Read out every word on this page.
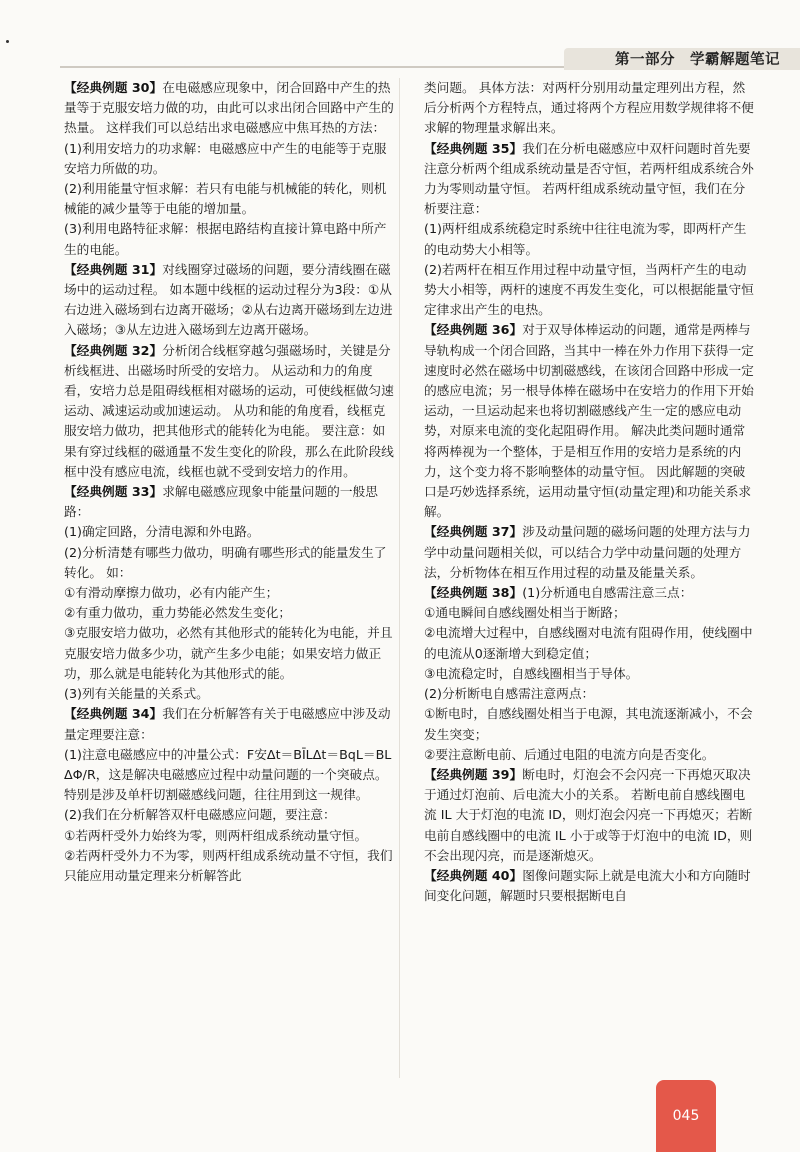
第一部分　学霸解题笔记

【经典例题 30】在电磁感应现象中，闭合回路中产生的热量等于克服安培力做的功，由此可以求出闭合回路中产生的热量。 这样我们可以总结出求电磁感应中焦耳热的方法：

(1)利用安培力的功求解：电磁感应中产生的电能等于克服安培力所做的功。

(2)利用能量守恒求解：若只有电能与机械能的转化，则机械能的减少量等于电能的增加量。

(3)利用电路特征求解：根据电路结构直接计算电路中所产生的电能。

【经典例题 31】对线圈穿过磁场的问题，要分清线圈在磁场中的运动过程。 如本题中线框的运动过程分为3段：①从右边进入磁场到右边离开磁场；②从右边离开磁场到左边进入磁场；③从左边进入磁场到左边离开磁场。

【经典例题 32】分析闭合线框穿越匀强磁场时，关键是分析线框进、出磁场时所受的安培力。 从运动和力的角度看，安培力总是阻碍线框相对磁场的运动，可使线框做匀速运动、减速运动或加速运动。 从功和能的角度看，线框克服安培力做功，把其他形式的能转化为电能。 要注意：如果有穿过线框的磁通量不发生变化的阶段，那么在此阶段线框中没有感应电流，线框也就不受到安培力的作用。

【经典例题 33】求解电磁感应现象中能量问题的一般思路：

(1)确定回路，分清电源和外电路。

(2)分析清楚有哪些力做功，明确有哪些形式的能量发生了转化。 如：

①有滑动摩擦力做功，必有内能产生；

②有重力做功，重力势能必然发生变化；

③克服安培力做功，必然有其他形式的能转化为电能，并且克服安培力做多少功，就产生多少电能；如果安培力做正功，那么就是电能转化为其他形式的能。

(3)列有关能量的关系式。

【经典例题 34】我们在分析解答有关于电磁感应中涉及动量定理要注意：

(1)注意电磁感应中的冲量公式：F安Δt＝BĪLΔt＝BqL＝BL ΔΦ/R，这是解决电磁感应过程中动量问题的一个突破点。 特别是涉及单杆切割磁感线问题，往往用到这一规律。

(2)我们在分析解答双杆电磁感应问题，要注意：

①若两杆受外力始终为零，则两杆组成系统动量守恒。

②若两杆受外力不为零，则两杆组成系统动量不守恒，我们只能应用动量定理来分析解答此

类问题。 具体方法：对两杆分别用动量定理列出方程，然后分析两个方程特点，通过将两个方程应用数学规律将不便求解的物理量求解出来。

【经典例题 35】我们在分析电磁感应中双杆问题时首先要注意分析两个组成系统动量是否守恒，若两杆组成系统合外力为零则动量守恒。 若两杆组成系统动量守恒，我们在分析要注意：

(1)两杆组成系统稳定时系统中往往电流为零，即两杆产生的电动势大小相等。

(2)若两杆在相互作用过程中动量守恒，当两杆产生的电动势大小相等，两杆的速度不再发生变化，可以根据能量守恒定律求出产生的电热。

【经典例题 36】对于双导体棒运动的问题，通常是两棒与导轨构成一个闭合回路，当其中一棒在外力作用下获得一定速度时必然在磁场中切割磁感线，在该闭合回路中形成一定的感应电流；另一根导体棒在磁场中在安培力的作用下开始运动，一旦运动起来也将切割磁感线产生一定的感应电动势，对原来电流的变化起阻碍作用。 解决此类问题时通常将两棒视为一个整体，于是相互作用的安培力是系统的内力，这个变力将不影响整体的动量守恒。 因此解题的突破口是巧妙选择系统，运用动量守恒(动量定理)和功能关系求解。

【经典例题 37】涉及动量问题的磁场问题的处理方法与力学中动量问题相关似，可以结合力学中动量问题的处理方法，分析物体在相互作用过程的动量及能量关系。

【经典例题 38】(1)分析通电自感需注意三点：

①通电瞬间自感线圈处相当于断路；

②电流增大过程中，自感线圈对电流有阻碍作用，使线圈中的电流从0逐渐增大到稳定值；

③电流稳定时，自感线圈相当于导体。

(2)分析断电自感需注意两点：

①断电时，自感线圈处相当于电源，其电流逐渐减小，不会发生突变；

②要注意断电前、后通过电阻的电流方向是否变化。

【经典例题 39】断电时，灯泡会不会闪亮一下再熄灭取决于通过灯泡前、后电流大小的关系。 若断电前自感线圈电流 IL 大于灯泡的电流 ID，则灯泡会闪亮一下再熄灭；若断电前自感线圈中的电流 IL 小于或等于灯泡中的电流 ID，则不会出现闪亮，而是逐渐熄灭。

【经典例题 40】图像问题实际上就是电流大小和方向随时间变化问题，解题时只要根据断电自

045
